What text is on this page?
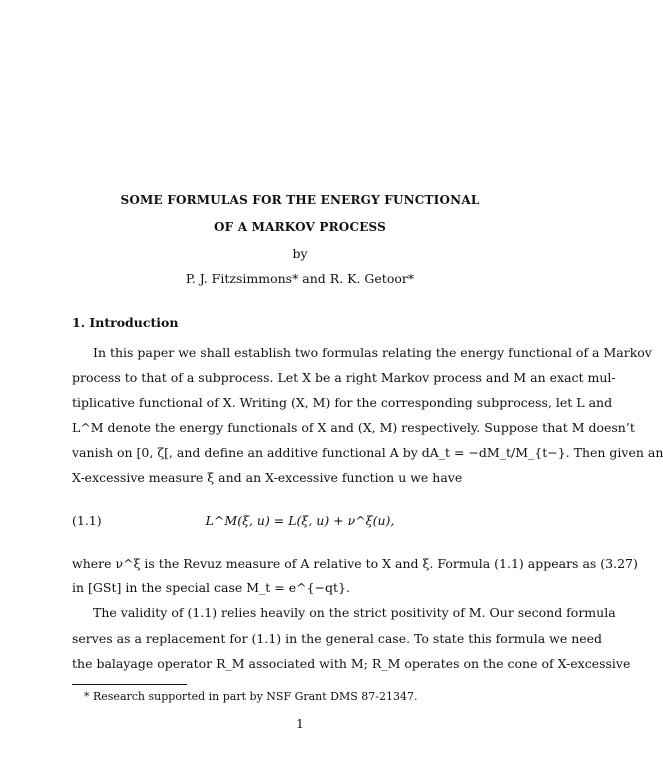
SOME FORMULAS FOR THE ENERGY FUNCTIONAL
OF A MARKOV PROCESS
by
P. J. Fitzsimmons* and R. K. Getoor*
1. Introduction
In this paper we shall establish two formulas relating the energy functional of a Markov
process to that of a subprocess. Let X be a right Markov process and M an exact mul-
tiplicative functional of X. Writing (X, M) for the corresponding subprocess, let L and
L^M denote the energy functionals of X and (X, M) respectively. Suppose that M doesn’t
vanish on [0, ζ[, and define an additive functional A by dA_t = −dM_t/M_{t−}. Then given an
X-excessive measure ξ and an X-excessive function u we have
(1.1)	L^M(ξ, u) = L(ξ, u) + ν^ξ(u),
where ν^ξ is the Revuz measure of A relative to X and ξ. Formula (1.1) appears as (3.27)
in [GSt] in the special case M_t = e^{−qt}.
The validity of (1.1) relies heavily on the strict positivity of M. Our second formula
serves as a replacement for (1.1) in the general case. To state this formula we need
the balayage operator R_M associated with M; R_M operates on the cone of X-excessive
* Research supported in part by NSF Grant DMS 87-21347.
1
